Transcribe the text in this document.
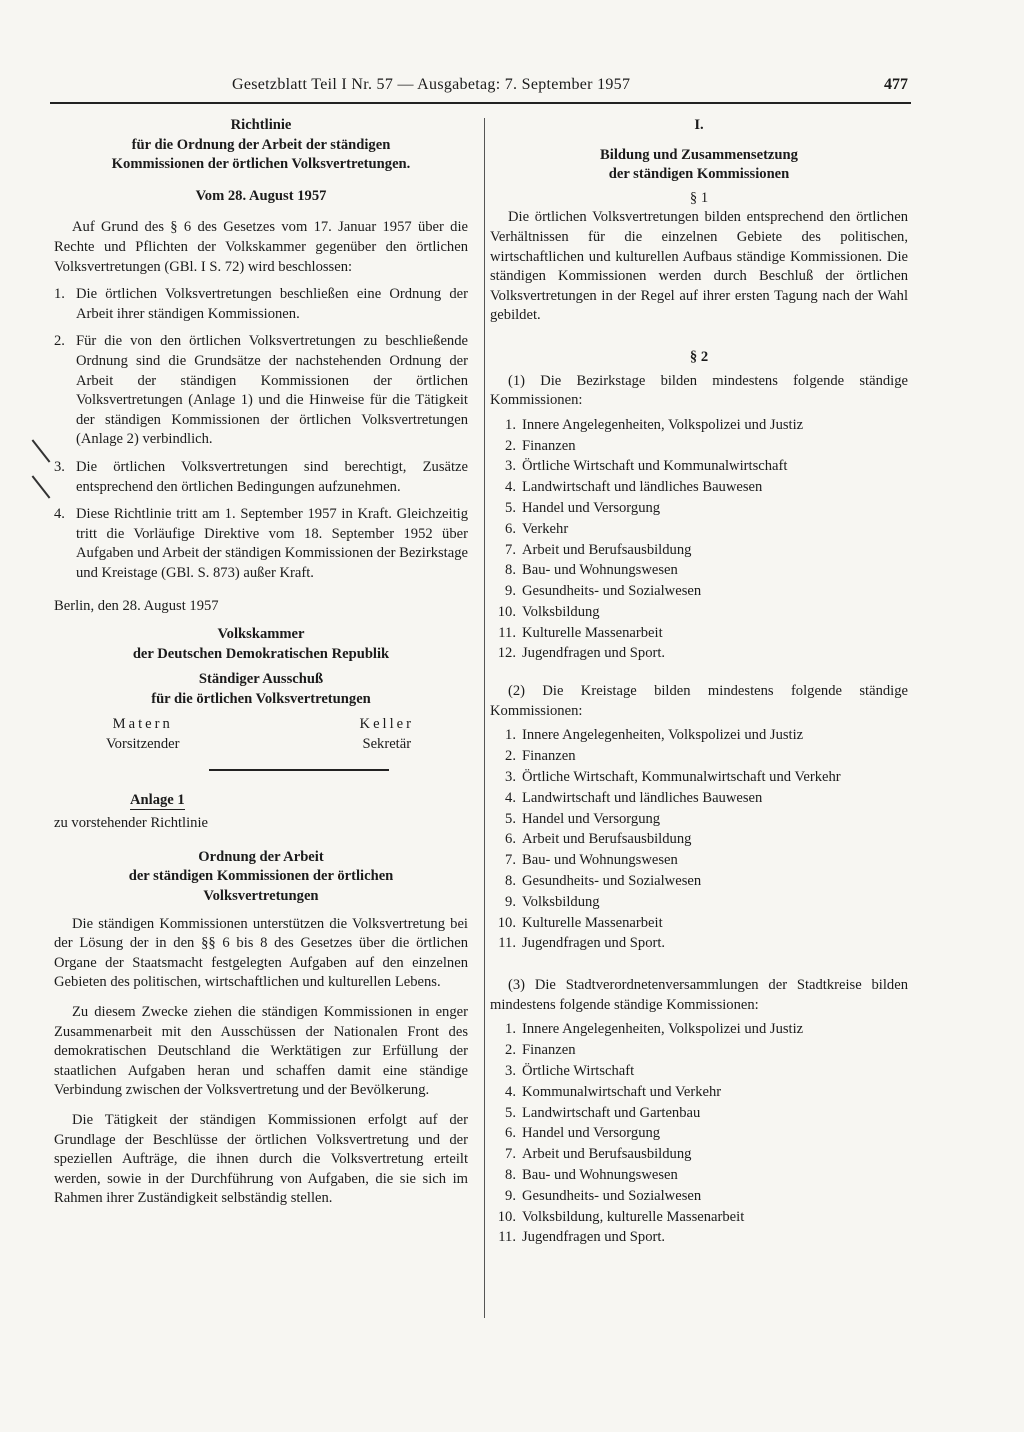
Gesetzblatt Teil I Nr. 57 — Ausgabetag: 7. September 1957	477
Richtlinie
für die Ordnung der Arbeit der ständigen
Kommissionen der örtlichen Volksvertretungen.
Vom 28. August 1957
Auf Grund des § 6 des Gesetzes vom 17. Januar 1957 über die Rechte und Pflichten der Volkskammer gegenüber den örtlichen Volksvertretungen (GBl. I S. 72) wird beschlossen:
1. Die örtlichen Volksvertretungen beschließen eine Ordnung der Arbeit ihrer ständigen Kommissionen.
2. Für die von den örtlichen Volksvertretungen zu beschließende Ordnung sind die Grundsätze der nachstehenden Ordnung der Arbeit der ständigen Kommissionen der örtlichen Volksvertretungen (Anlage 1) und die Hinweise für die Tätigkeit der ständigen Kommissionen der örtlichen Volksvertretungen (Anlage 2) verbindlich.
3. Die örtlichen Volksvertretungen sind berechtigt, Zusätze entsprechend den örtlichen Bedingungen aufzunehmen.
4. Diese Richtlinie tritt am 1. September 1957 in Kraft. Gleichzeitig tritt die Vorläufige Direktive vom 18. September 1952 über Aufgaben und Arbeit der ständigen Kommissionen der Bezirkstage und Kreistage (GBl. S. 873) außer Kraft.
Berlin, den 28. August 1957
Volkskammer
der Deutschen Demokratischen Republik
Ständiger Ausschuß
für die örtlichen Volksvertretungen
Matern
Vorsitzender
Keller
Sekretär
Anlage 1
zu vorstehender Richtlinie
Ordnung der Arbeit
der ständigen Kommissionen der örtlichen
Volksvertretungen
Die ständigen Kommissionen unterstützen die Volksvertretung bei der Lösung der in den §§ 6 bis 8 des Gesetzes über die örtlichen Organe der Staatsmacht festgelegten Aufgaben auf den einzelnen Gebieten des politischen, wirtschaftlichen und kulturellen Lebens.
Zu diesem Zwecke ziehen die ständigen Kommissionen in enger Zusammenarbeit mit den Ausschüssen der Nationalen Front des demokratischen Deutschland die Werktätigen zur Erfüllung der staatlichen Aufgaben heran und schaffen damit eine ständige Verbindung zwischen der Volksvertretung und der Bevölkerung.
Die Tätigkeit der ständigen Kommissionen erfolgt auf der Grundlage der Beschlüsse der örtlichen Volksvertretung und der speziellen Aufträge, die ihnen durch die Volksvertretung erteilt werden, sowie in der Durchführung von Aufgaben, die sie sich im Rahmen ihrer Zuständigkeit selbständig stellen.
I.
Bildung und Zusammensetzung
der ständigen Kommissionen
§ 1
Die örtlichen Volksvertretungen bilden entsprechend den örtlichen Verhältnissen für die einzelnen Gebiete des politischen, wirtschaftlichen und kulturellen Aufbaus ständige Kommissionen. Die ständigen Kommissionen werden durch Beschluß der örtlichen Volksvertretungen in der Regel auf ihrer ersten Tagung nach der Wahl gebildet.
§ 2
(1) Die Bezirkstage bilden mindestens folgende ständige Kommissionen:
1. Innere Angelegenheiten, Volkspolizei und Justiz
2. Finanzen
3. Örtliche Wirtschaft und Kommunalwirtschaft
4. Landwirtschaft und ländliches Bauwesen
5. Handel und Versorgung
6. Verkehr
7. Arbeit und Berufsausbildung
8. Bau- und Wohnungswesen
9. Gesundheits- und Sozialwesen
10. Volksbildung
11. Kulturelle Massenarbeit
12. Jugendfragen und Sport.
(2) Die Kreistage bilden mindestens folgende ständige Kommissionen:
1. Innere Angelegenheiten, Volkspolizei und Justiz
2. Finanzen
3. Örtliche Wirtschaft, Kommunalwirtschaft und Verkehr
4. Landwirtschaft und ländliches Bauwesen
5. Handel und Versorgung
6. Arbeit und Berufsausbildung
7. Bau- und Wohnungswesen
8. Gesundheits- und Sozialwesen
9. Volksbildung
10. Kulturelle Massenarbeit
11. Jugendfragen und Sport.
(3) Die Stadtverordnetenversammlungen der Stadtkreise bilden mindestens folgende ständige Kommissionen:
1. Innere Angelegenheiten, Volkspolizei und Justiz
2. Finanzen
3. Örtliche Wirtschaft
4. Kommunalwirtschaft und Verkehr
5. Landwirtschaft und Gartenbau
6. Handel und Versorgung
7. Arbeit und Berufsausbildung
8. Bau- und Wohnungswesen
9. Gesundheits- und Sozialwesen
10. Volksbildung, kulturelle Massenarbeit
11. Jugendfragen und Sport.
